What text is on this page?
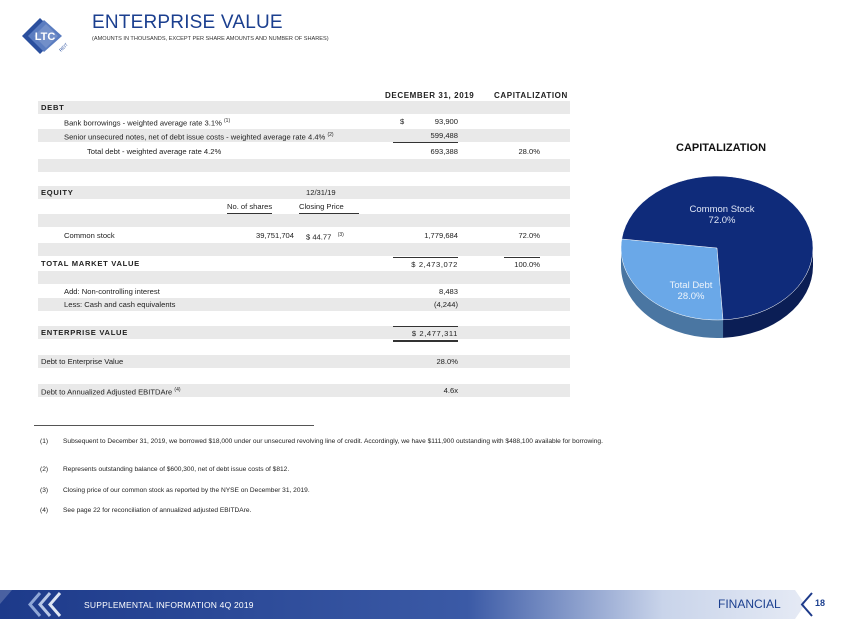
LTC
REIT
ENTERPRISE VALUE
(AMOUNTS IN THOUSANDS, EXCEPT PER SHARE AMOUNTS AND NUMBER OF SHARES)
DECEMBER 31, 2019 CAPITALIZATION
DEBT
Bank borrowings - weighted average rate 3.1% $^{(1)}$	$	93,900
Senior unsecured notes, net of debt issue costs - weighted average rate 4.4% $^{(2)}$	599,488
Total debt - weighted average rate 4.2%	693,388	28.0%
EQUITY	12/31/19
No. of shares	Closing Price
Common stock	39,751,704 $ 44.77 $^{(3)}$	1,779,684	72.0%
TOTAL MARKET VALUE	$ 2,473,072	100.0%
Add: Non-controlling interest	8,483
Less: Cash and cash equivalents	(4,244)
ENTERPRISE VALUE	$ 2,477,311
Debt to Enterprise Value	28.0%
Debt to Annualized Adjusted EBITDAre $^{(4)}$	4.6x
CAPITALIZATION
Total Debt
28.0%
Common Stock
72.0%
(1) Subsequent to December 31, 2019, we borrowed $18,000 under our unsecured revolving line of credit. Accordingly, we have $111,900 outstanding with $488,100 available for borrowing.
(2) Represents outstanding balance of $600,300, net of debt issue costs of $812.
(3) Closing price of our common stock as reported by the NYSE on December 31, 2019.
(4) See page 22 for reconciliation of annualized adjusted EBITDAre.
SUPPLEMENTAL INFORMATION 4Q 2019	FINANCIAL	18
